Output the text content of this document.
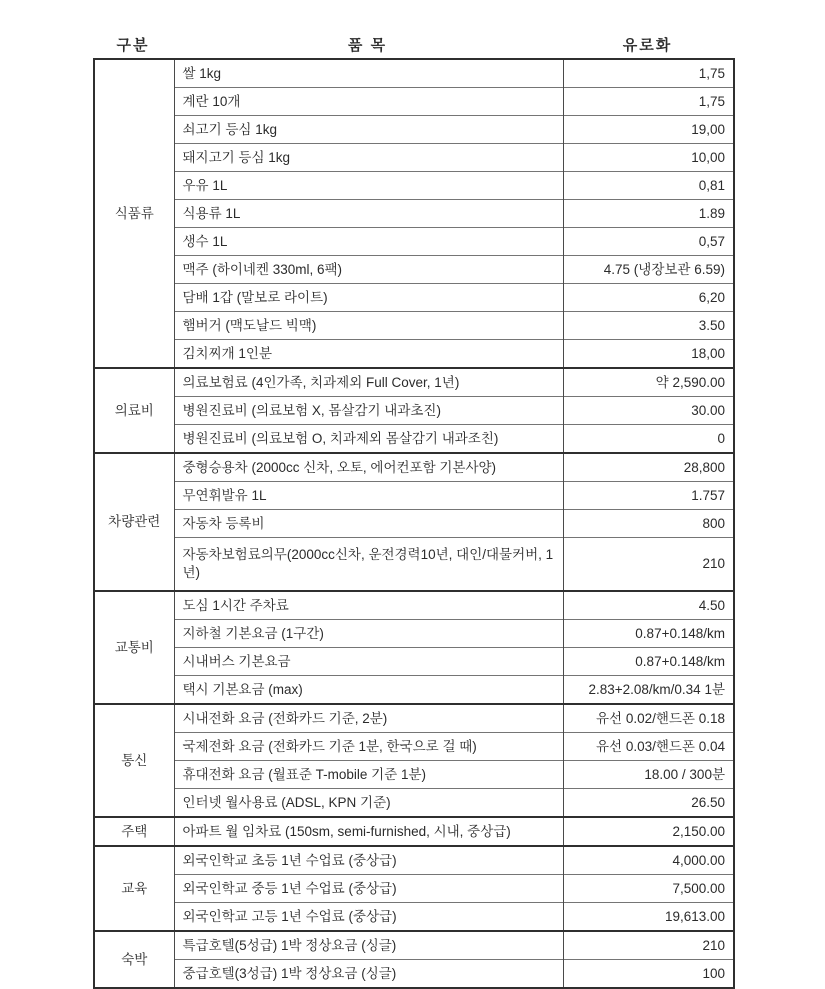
구분	품 목	유로화
식품류	쌀 1kg	1,75
	계란 10개	1,75
	쇠고기 등심 1kg	19,00
	돼지고기 등심 1kg	10,00
	우유 1L	0,81
	식용류 1L	1.89
	생수 1L	0,57
	맥주 (하이네켄 330ml, 6팩)	4.75 (냉장보관 6.59)
	담배 1갑 (말보로 라이트)	6,20
	햄버거 (맥도날드 빅맥)	3.50
	김치찌개 1인분	18,00
의료비	의료보험료 (4인가족, 치과제외 Full Cover, 1년)	약 2,590.00
	병원진료비 (의료보험 X, 몸살감기 내과초진)	30.00
	병원진료비 (의료보험 O, 치과제외 몸살감기 내과조친)	0
차량관련	중형승용차 (2000cc 신차, 오토, 에어컨포함 기본사양)	28,800
	무연휘발유 1L	1.757
	자동차 등록비	800
	자동차보험료의무(2000cc신차, 운전경력10년, 대인/대물커버, 1년)	210
교통비	도심 1시간 주차료	4.50
	지하철 기본요금 (1구간)	0.87+0.148/km
	시내버스 기본요금	0.87+0.148/km
	택시 기본요금 (max)	2.83+2.08/km/0.34 1분
통신	시내전화 요금 (전화카드 기준, 2분)	유선 0.02/핸드폰 0.18
	국제전화 요금 (전화카드 기준 1분, 한국으로 걸 때)	유선 0.03/핸드폰 0.04
	휴대전화 요금 (월표준 T-mobile 기준 1분)	18.00 / 300분
	인터넷 월사용료 (ADSL, KPN 기준)	26.50
주택	아파트 월 임차료 (150sm, semi-furnished, 시내, 중상급)	2,150.00
교육	외국인학교 초등 1년 수업료 (중상급)	4,000.00
	외국인학교 중등 1년 수업료 (중상급)	7,500.00
	외국인학교 고등 1년 수업료 (중상급)	19,613.00
숙박	특급호텔(5성급) 1박 정상요금 (싱글)	210
	중급호텔(3성급) 1박 정상요금 (싱글)	100
